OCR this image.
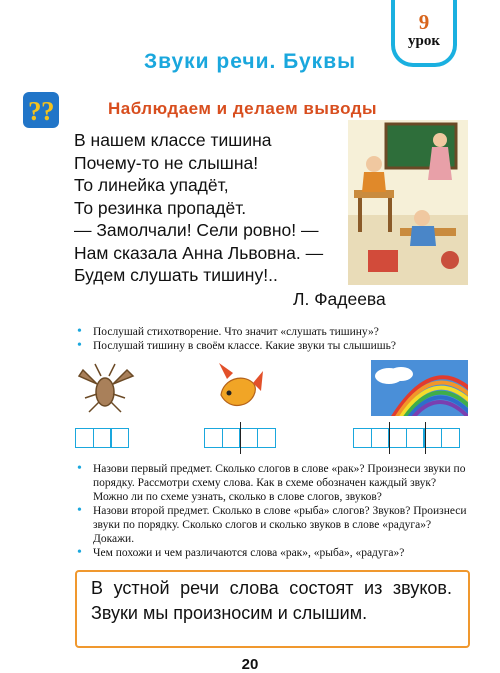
9
урок
Звуки речи. Буквы
? ?	Наблюдаем и делаем выводы
В нашем классе тишина
Почему-то не слышна!
То линейка упадёт,
То резинка пропадёт.
— Замолчали! Сели ровно! —
Нам сказала Анна Львовна. —
Будем слушать тишину!..
Л. Фадеева
• Послушай стихотворение. Что значит «слушать тишину»?
• Послушай тишину в своём классе. Какие звуки ты слышишь?
• Назови первый предмет. Сколько слогов в слове «рак»? Произнеси звуки по порядку. Рассмотри схему слова. Как в схеме обозначен каждый звук? Можно ли по схеме узнать, сколько в слове слогов, звуков?
• Назови второй предмет. Сколько в слове «рыба» слогов? Звуков? Произнеси звуки по порядку. Сколько слогов и сколько звуков в слове «радуга»? Докажи.
• Чем похожи и чем различаются слова «рак», «рыба», «радуга»?
В устной речи слова состоят из звуков. Звуки мы произносим и слышим.
20
